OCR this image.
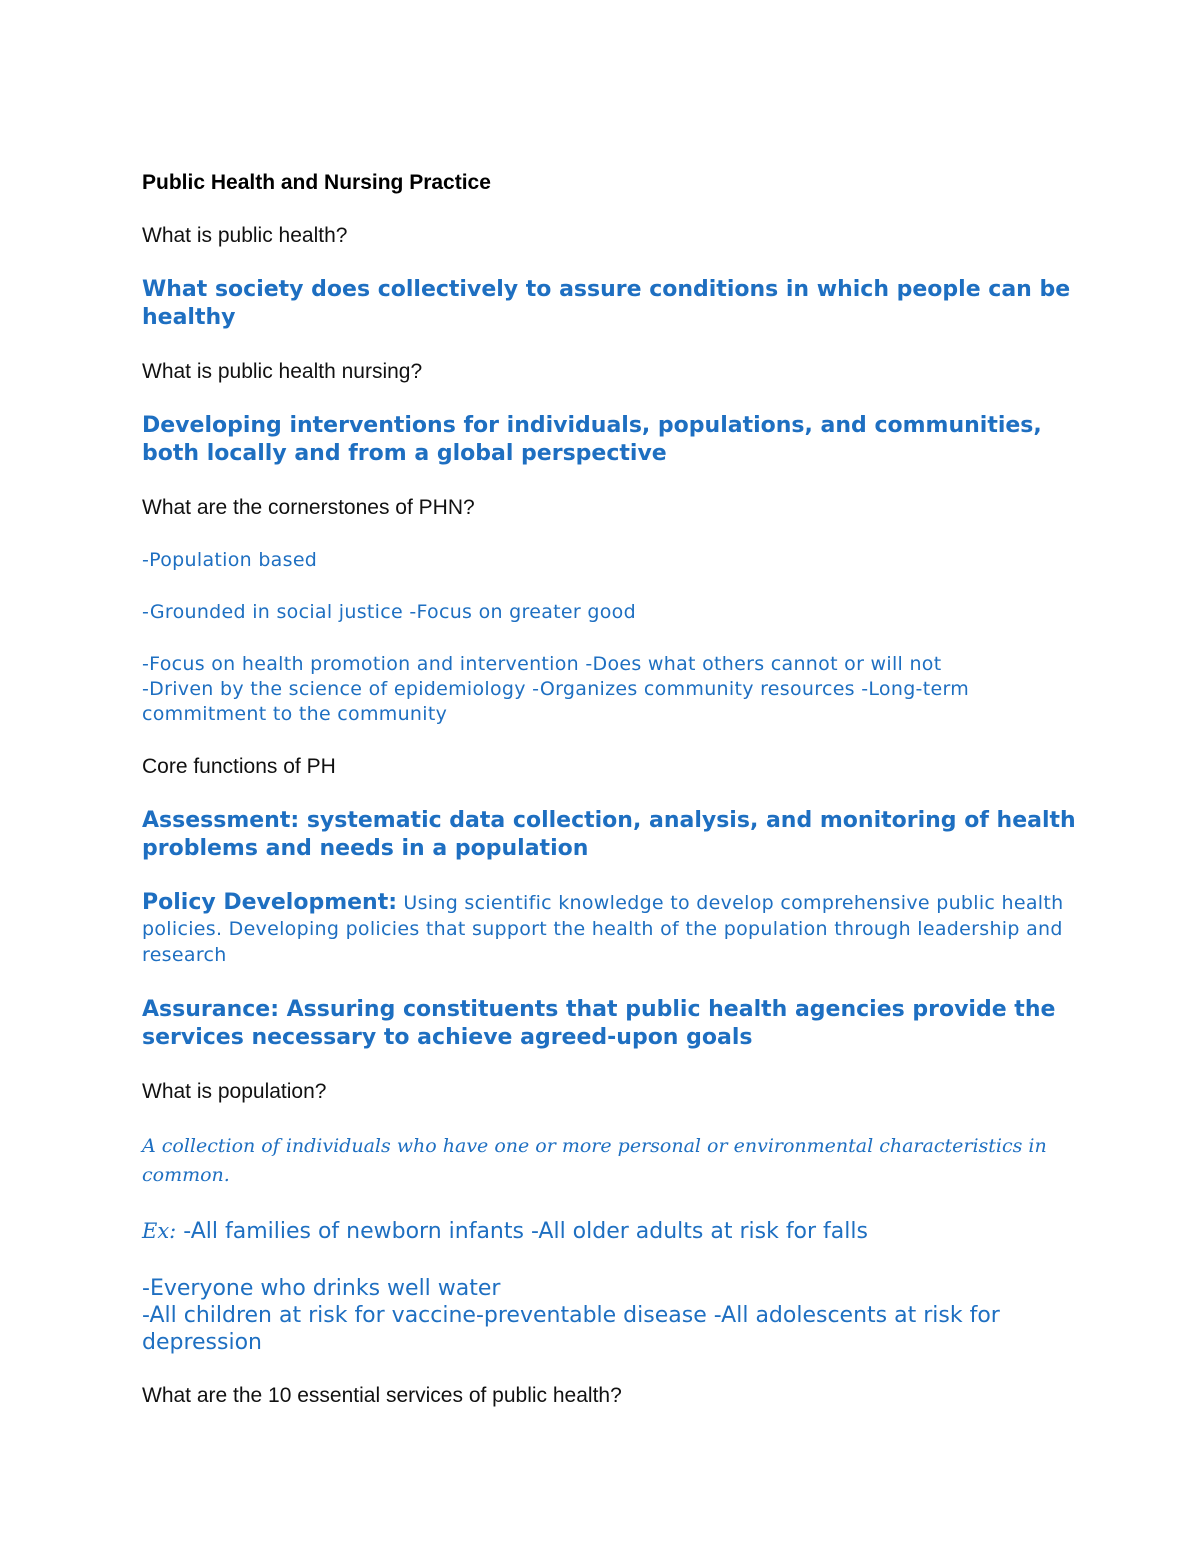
Public Health and Nursing Practice

What is public health?

What society does collectively to assure conditions in which people can be healthy

What is public health nursing?

Developing interventions for individuals, populations, and communities, both locally and from a global perspective

What are the cornerstones of PHN?

-Population based

-Grounded in social justice -Focus on greater good

-Focus on health promotion and intervention -Does what others cannot or will not
-Driven by the science of epidemiology -Organizes community resources -Long-term
commitment to the community

Core functions of PH

Assessment: systematic data collection, analysis, and monitoring of health problems and needs in a population

Policy Development: Using scientific knowledge to develop comprehensive public health policies. Developing policies that support the health of the population through leadership and research

Assurance: Assuring constituents that public health agencies provide the services necessary to achieve agreed-upon goals

What is population?

A collection of individuals who have one or more personal or environmental characteristics in common.

Ex: -All families of newborn infants -All older adults at risk for falls

-Everyone who drinks well water
-All children at risk for vaccine-preventable disease -All adolescents at risk for depression

What are the 10 essential services of public health?
